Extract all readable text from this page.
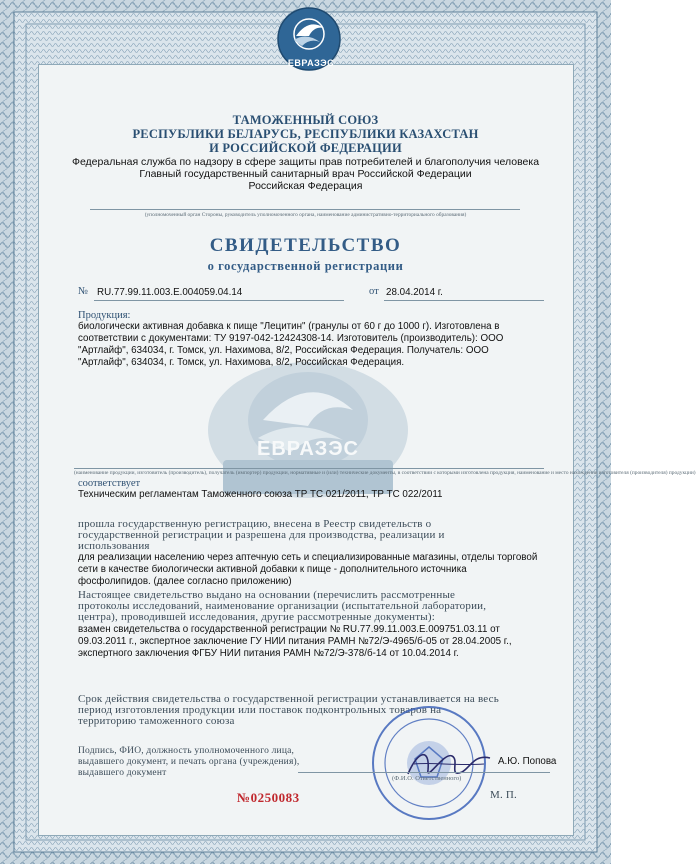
ЕВРАЗЭС
ЕВРАЗЭС

ТАМОЖЕННЫЙ СОЮЗ

РЕСПУБЛИКИ БЕЛАРУСЬ, РЕСПУБЛИКИ КАЗАХСТАН

И РОССИЙСКОЙ ФЕДЕРАЦИИ

Федеральная служба по надзору в сфере защиты прав потребителей и благополучия человека

Главный государственный санитарный врач Российской Федерации

Российская Федерация

(уполномоченный орган Стороны, руководитель уполномоченного органа, наименование административно-территориального образования)

СВИДЕТЕЛЬСТВО

о государственной регистрации

№ RU.77.99.11.003.Е.004059.04.14	от 28.04.2014 г.

Продукция:

биологически активная добавка к пище "Лецитин" (гранулы от 60 г до 1000 г). Изготовлена в

соответствии с документами: ТУ 9197-042-12424308-14. Изготовитель (производитель): ООО

"Артлайф", 634034, г. Томск, ул. Нахимова, 8/2, Российская Федерация. Получатель: ООО

"Артлайф", 634034, г. Томск, ул. Нахимова, 8/2, Российская Федерация.

(наименование продукции, изготовитель (производитель), получатель (импортер) продукции, нормативные и (или) технические документы, в соответствии с которыми изготовлена продукция, наименование и место нахождения изготовителя (производителя) продукции)

соответствует

Техническим регламентам Таможенного союза ТР ТС 021/2011, ТР ТС 022/2011

прошла государственную регистрацию, внесена в Реестр свидетельств о

государственной регистрации и разрешена для производства, реализации и

использования

для реализации населению через аптечную сеть и специализированные магазины, отделы торговой

сети в качестве биологически активной добавки к пище - дополнительного источника

фосфолипидов. (далее согласно приложению)

Настоящее свидетельство выдано на основании (перечислить рассмотренные

протоколы исследований, наименование организации (испытательной лаборатории,

центра), проводившей исследования, другие рассмотренные документы):

взамен свидетельства о государственной регистрации № RU.77.99.11.003.Е.009751.03.11 от

09.03.2011 г., экспертное заключение ГУ НИИ питания РАМН №72/Э-4965/б-05 от 28.04.2005 г.,

экспертного заключения ФГБУ НИИ питания РАМН №72/Э-378/б-14 от 10.04.2014 г.

Срок действия свидетельства о государственной регистрации устанавливается на весь

период изготовления продукции или поставок подконтрольных товаров на

территорию таможенного союза

Подпись, ФИО, должность уполномоченного лица,

выдавшего документ, и печать органа (учреждения),

выдавшего документ

А.Ю. Попова

(Ф.И.О. Ответственного)

№0250083	М. П.
